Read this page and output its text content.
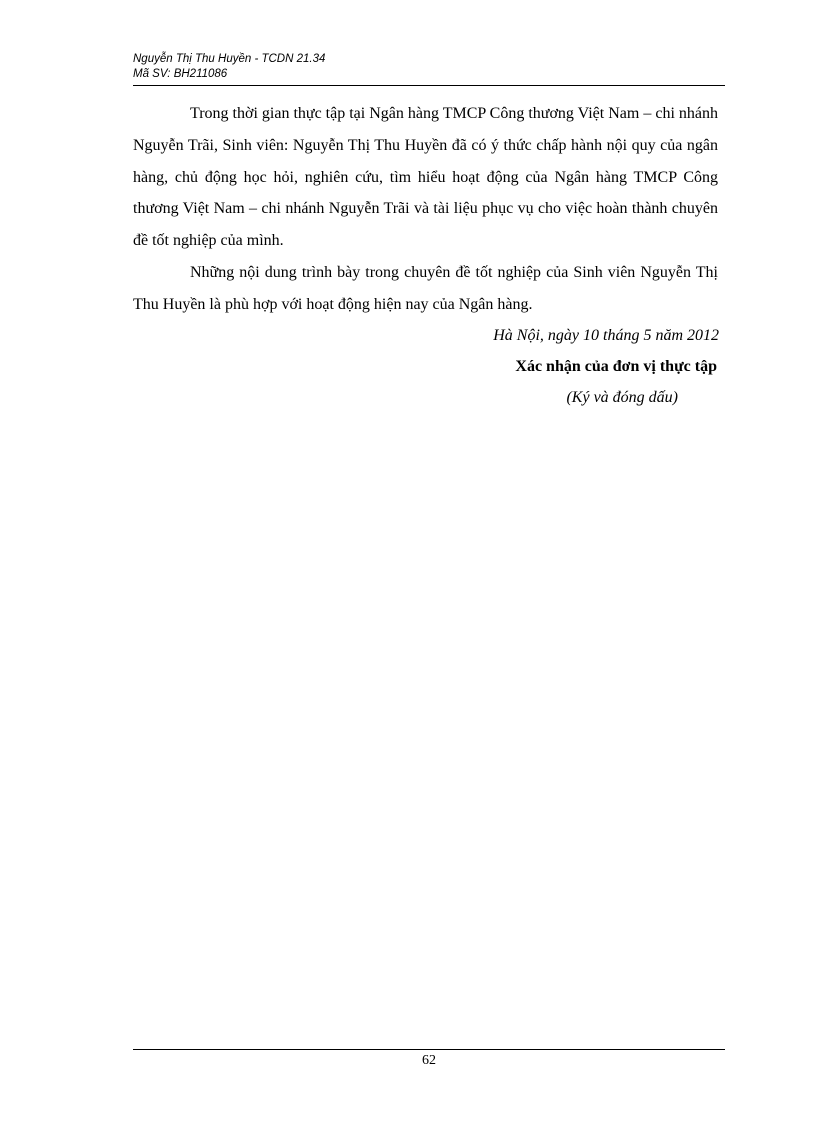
Nguyễn Thị Thu Huyền - TCDN 21.34
Mã SV: BH211086

Trong thời gian thực tập tại Ngân hàng TMCP Công thương Việt Nam – chi nhánh Nguyễn Trãi, Sinh viên: Nguyễn Thị Thu Huyền đã có ý thức chấp hành nội quy của ngân hàng, chủ động học hỏi, nghiên cứu, tìm hiểu hoạt động của Ngân hàng TMCP Công thương Việt Nam – chi nhánh Nguyễn Trãi và tài liệu phục vụ cho việc hoàn thành chuyên đề tốt nghiệp của mình.

Những nội dung trình bày trong chuyên đề tốt nghiệp của Sinh viên Nguyễn Thị Thu Huyền là phù hợp với hoạt động hiện nay của Ngân hàng.

Hà Nội, ngày 10 tháng 5 năm 2012
Xác nhận của đơn vị thực tập
(Ký và đóng dấu)
62
